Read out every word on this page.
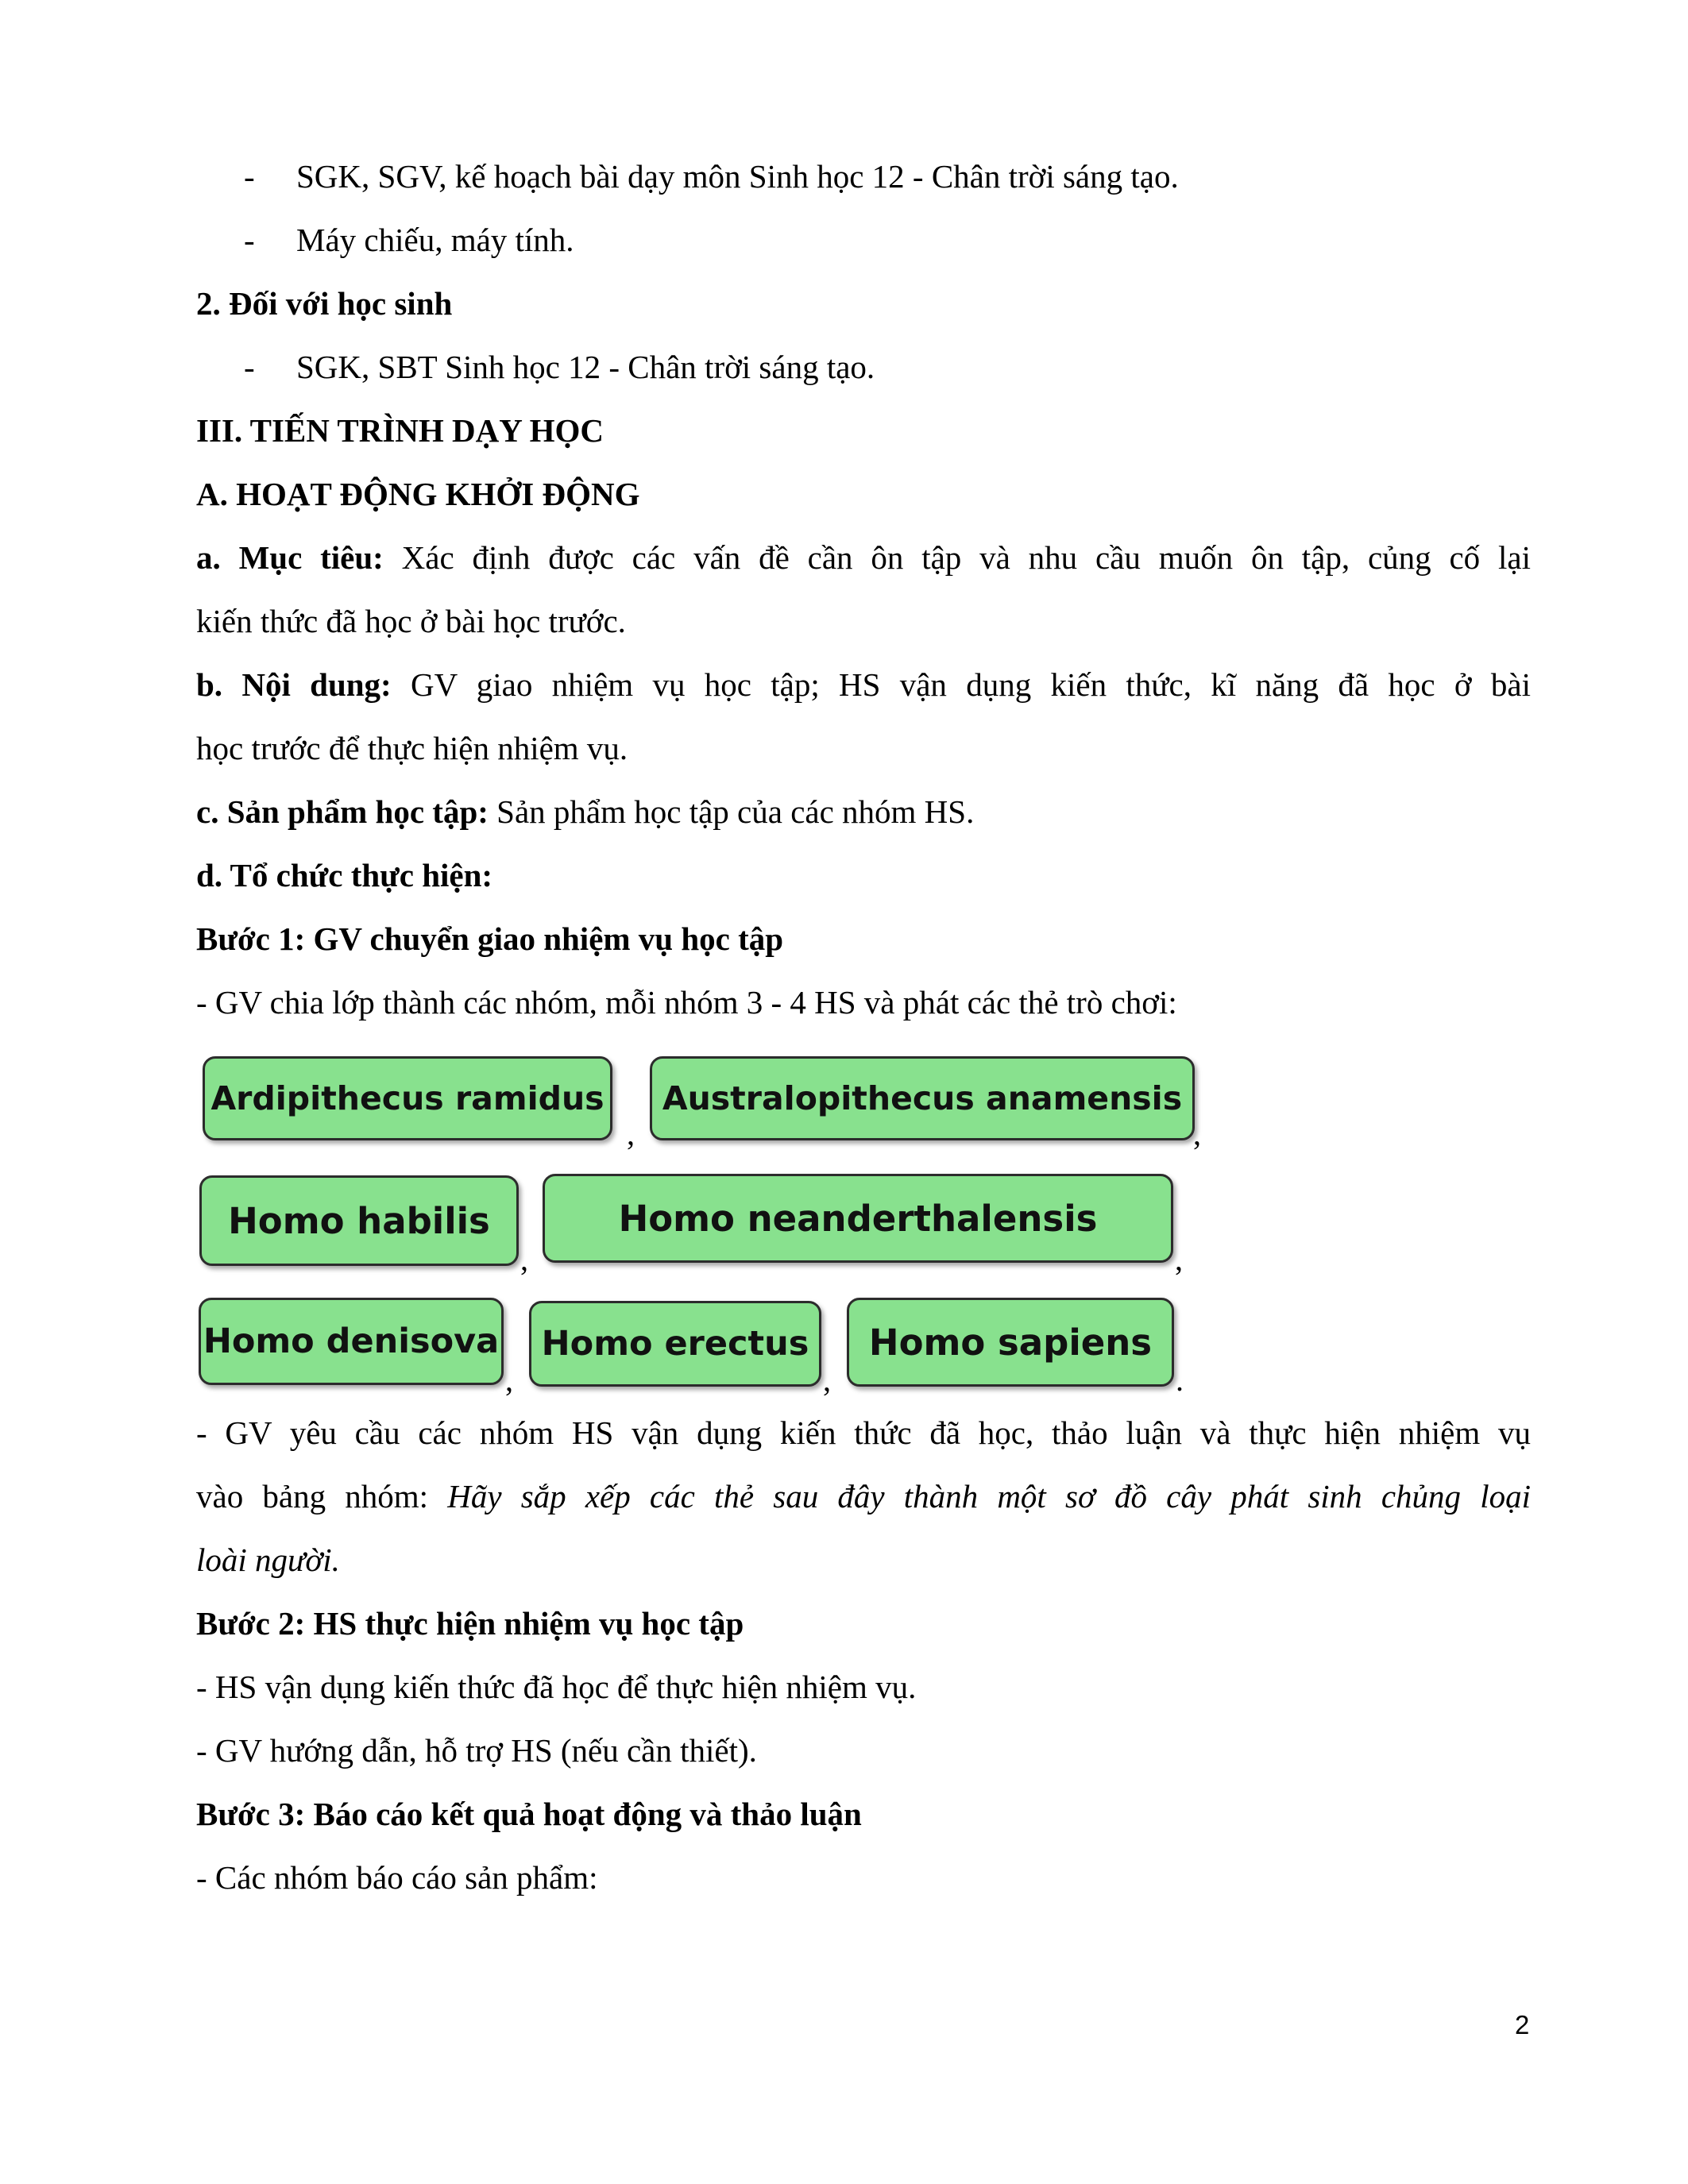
- SGK, SGV, kế hoạch bài dạy môn Sinh học 12 - Chân trời sáng tạo.
- Máy chiếu, máy tính.
2. Đối với học sinh
- SGK, SBT Sinh học 12 - Chân trời sáng tạo.
III. TIẾN TRÌNH DẠY HỌC
A. HOẠT ĐỘNG KHỞI ĐỘNG
a. Mục tiêu: Xác định được các vấn đề cần ôn tập và nhu cầu muốn ôn tập, củng cố lại
kiến thức đã học ở bài học trước.
b. Nội dung: GV giao nhiệm vụ học tập; HS vận dụng kiến thức, kĩ năng đã học ở bài
học trước để thực hiện nhiệm vụ.
c. Sản phẩm học tập: Sản phẩm học tập của các nhóm HS.
d. Tổ chức thực hiện:
Bước 1: GV chuyển giao nhiệm vụ học tập
- GV chia lớp thành các nhóm, mỗi nhóm 3 - 4 HS và phát các thẻ trò chơi:
Ardipithecus ramidus
,
Australopithecus anamensis
,
Homo habilis
,
Homo neanderthalensis
,
Homo denisova
,
Homo erectus
,
Homo sapiens
.
- GV yêu cầu các nhóm HS vận dụng kiến thức đã học, thảo luận và thực hiện nhiệm vụ
vào bảng nhóm: Hãy sắp xếp các thẻ sau đây thành một sơ đồ cây phát sinh chủng loại
loài người.
Bước 2: HS thực hiện nhiệm vụ học tập
- HS vận dụng kiến thức đã học để thực hiện nhiệm vụ.
- GV hướng dẫn, hỗ trợ HS (nếu cần thiết).
Bước 3: Báo cáo kết quả hoạt động và thảo luận
- Các nhóm báo cáo sản phẩm:
2
